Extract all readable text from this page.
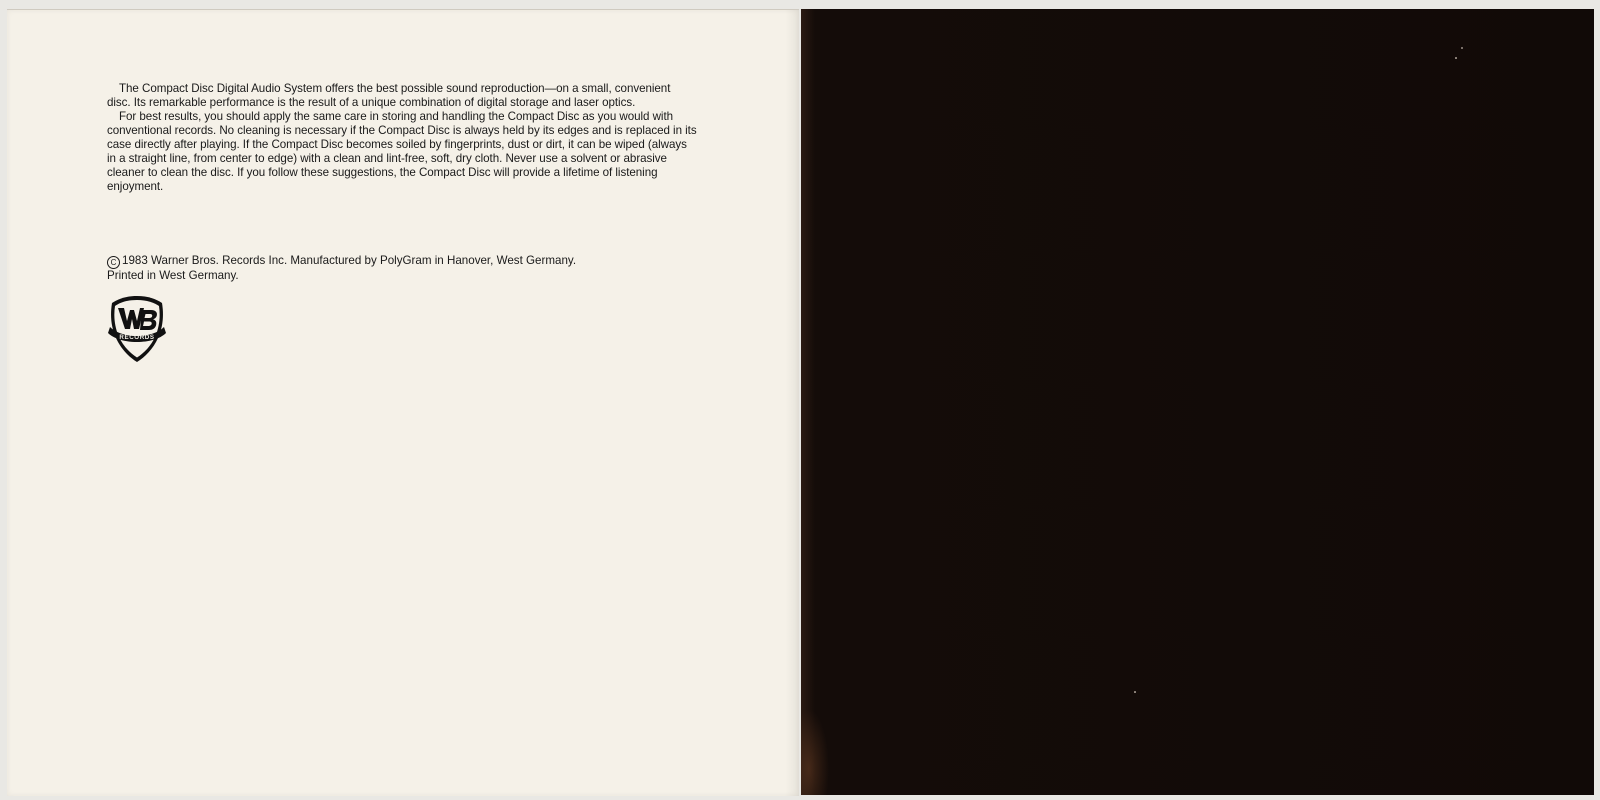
The Compact Disc Digital Audio System offers the best possible sound reproduction—on a small, convenient disc. Its remarkable performance is the result of a unique combination of digital storage and laser optics.

For best results, you should apply the same care in storing and handling the Compact Disc as you would with conventional records. No cleaning is necessary if the Compact Disc is always held by its edges and is replaced in its case directly after playing. If the Compact Disc becomes soiled by fingerprints, dust or dirt, it can be wiped (always in a straight line, from center to edge) with a clean and lint-free, soft, dry cloth. Never use a solvent or abrasive cleaner to clean the disc. If you follow these suggestions, the Compact Disc will provide a lifetime of listening enjoyment.

C 1983 Warner Bros. Records Inc. Manufactured by PolyGram in Hanover, West Germany.
Printed in West Germany.
RECORDS
